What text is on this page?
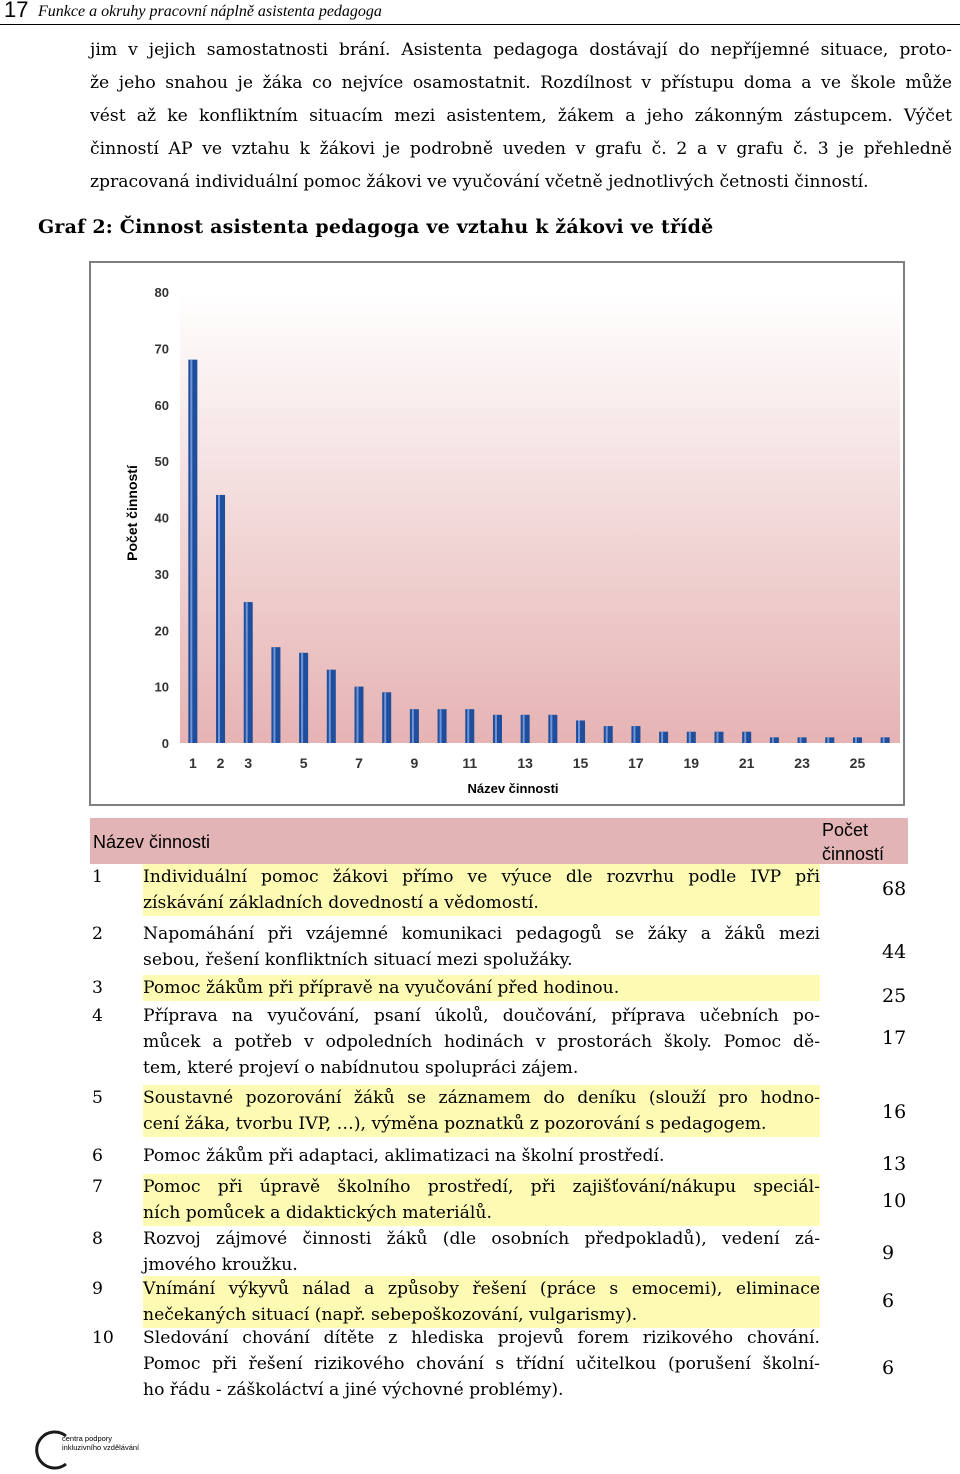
17 Funkce a okruhy pracovní náplně asistenta pedagoga
jim v jejich samostatnosti brání. Asistenta pedagoga dostávají do nepříjemné situace, proto-
že jeho snahou je žáka co nejvíce osamostatnit. Rozdílnost v přístupu doma a ve škole může
vést až ke konfliktním situacím mezi asistentem, žákem a jeho zákonným zástupcem. Výčet
činností AP ve vztahu k žákovi je podrobně uveden v grafu č. 2 a v grafu č. 3 je přehledně
zpracovaná individuální pomoc žákovi ve vyučování včetně jednotlivých četnosti činností.
Graf 2: Činnost asistenta pedagoga ve vztahu k žákovi ve třídě
0
10
20
30
40
50
60
70
80
1 2 3	5	7	9	11	13	15	17	19	21	23	25
Počet činností
Název činnosti
Název činnosti
Počet činností
1 Individuální pomoc žákovi přímo ve výuce dle rozvrhu podle IVP při
získávání základních dovedností a vědomostí.
68
2 Napomáhání při vzájemné komunikaci pedagogů se žáky a žáků mezi
sebou, řešení konfliktních situací mezi spolužáky.	44
3 Pomoc žákům při přípravě na vyučování před hodinou.	25
4 Příprava na vyučování, psaní úkolů, doučování, příprava učebních po-
můcek a potřeb v odpoledních hodinách v prostorách školy. Pomoc dě-
tem, které projeví o nabídnutou spolupráci zájem.
17
5 Soustavné pozorování žáků se záznamem do deníku (slouží pro hodno-
cení žáka, tvorbu IVP, …), výměna poznatků z pozorování s pedagogem.
16
6 Pomoc žákům při adaptaci, aklimatizaci na školní prostředí.	13
7 Pomoc při úpravě školního prostředí, při zajišťování/nákupu speciál-
ních pomůcek a didaktických materiálů.
10
8 Rozvoj zájmové činnosti žáků (dle osobních předpokladů), vedení zá-
jmového kroužku.
9
9 Vnímání výkyvů nálad a způsoby řešení (práce s emocemi), eliminace
nečekaných situací (např. sebepoškozování, vulgarismy).
6
10 Sledování chování dítěte z hlediska projevů forem rizikového chování.
Pomoc při řešení rizikového chování s třídní učitelkou (porušení školní-
ho řádu - záškoláctví a jiné výchovné problémy).
6
centra podpory
inkluzivního vzdělávání
